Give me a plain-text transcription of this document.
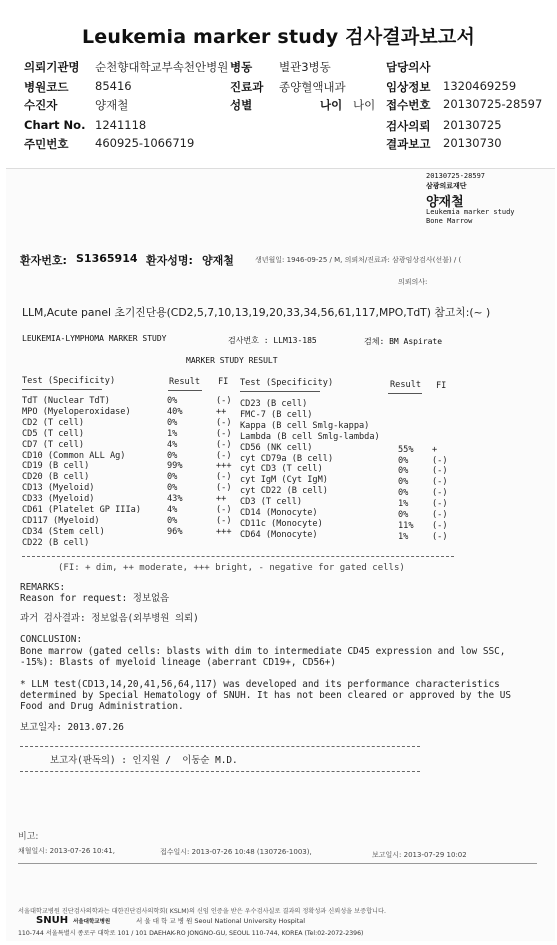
Leukemia marker study 검사결과보고서
의뢰기관명 순천향대학교부속천안병원 병동 별관3병동	담당의사
병원코드 85416	진료과 종양혈액내과	임상정보 1320469259
수진자	양재철	성별	나이 나이 접수번호 20130725-28597
Chart No. 1241118	검사의뢰 20130725
주민번호 460925-1066719	결과보고 20130730
20130725-28597
삼광의료재단
양재철
Leukemia marker study
Bone Marrow
환자번호: S1365914 환자성명: 양재철	생년월일: 1946-09-25 / M, 의뢰처/진료과: 삼광임상검사(선불) / (
의뢰의사:
LLM,Acute panel 초기진단용(CD2,5,7,10,13,19,20,33,34,56,61,117,MPO,TdT) 참고치:(~ )
LEUKEMIA-LYMPHOMA MARKER STUDY	검사번호 : LLM13-185	검체: BM Aspirate
MARKER STUDY RESULT
Test (Specificity)	Result FI Test (Specificity)	Result FI
TdT (Nuclear TdT)	0%	(-) CD23 (B cell)
MPO (Myeloperoxidase)	40%	++ FMC-7 (B cell)
CD2 (T cell)	0%	(-) Kappa (B cell Smlg-kappa)
CD5 (T cell)	1%	(-) Lambda (B cell Smlg-lambda)
CD7 (T cell)	4%	(-) CD56 (NK cell)	55% +
CD10 (Common ALL Ag)	0%	(-) cyt CD79a (B cell)	0%	(-)
CD19 (B cell)	99%	+++ cyt CD3 (T cell)	0%	(-)
CD20 (B cell)	0%	(-) cyt IgM (Cyt IgM)	0%	(-)
CD13 (Myeloid)	0%	(-) cyt CD22 (B cell)	0%	(-)
CD33 (Myeloid)	43%	++ CD3 (T cell)	1%	(-)
CD61 (Platelet GP IIIa)	4%	(-) CD14 (Monocyte)	0%	(-)
CD117 (Myeloid)	0%	(-) CD11c (Monocyte)	11% (-)
CD34 (Stem cell)	96%	+++ CD64 (Monocyte)	1%	(-)
CD22 (B cell)
(FI: + dim, ++ moderate, +++ bright, - negative for gated cells)
REMARKS:
Reason for request: 정보없음
과거 검사결과: 정보없음(외부병원 의뢰)
CONCLUSION:
Bone marrow (gated cells: blasts with dim to intermediate CD45 expression and low SSC,
-15%): Blasts of myeloid lineage (aberrant CD19+, CD56+)
* LLM test(CD13,14,20,41,56,64,117) was developed and its performance characteristics
determined by Special Hematology of SNUH. It has not been cleared or approved by the US
Food and Drug Administration.
보고일자: 2013.07.26
보고자(판독의) : 인지원 /  이동순 M.D.
비고:
채혈일시: 2013-07-26 10:41,	접수일시: 2013-07-26 10:48 (130726-1003),	보고일시: 2013-07-29 10:02
서울대학교병원 진단검사의학과는 대한진단검사의학회( KSLM)의 신임 인증을 받은 우수검사실로 결과의 정확성과 신뢰성을 보증합니다.
SNUH 서울대학교병원	서 울 대 학 교 병 원 Seoul National University Hospital
110-744 서울특별시 종로구 대학로 101 / 101 DAEHAK-RO JONGNO-GU, SEOUL 110-744, KOREA (Tel:02-2072-2396)
